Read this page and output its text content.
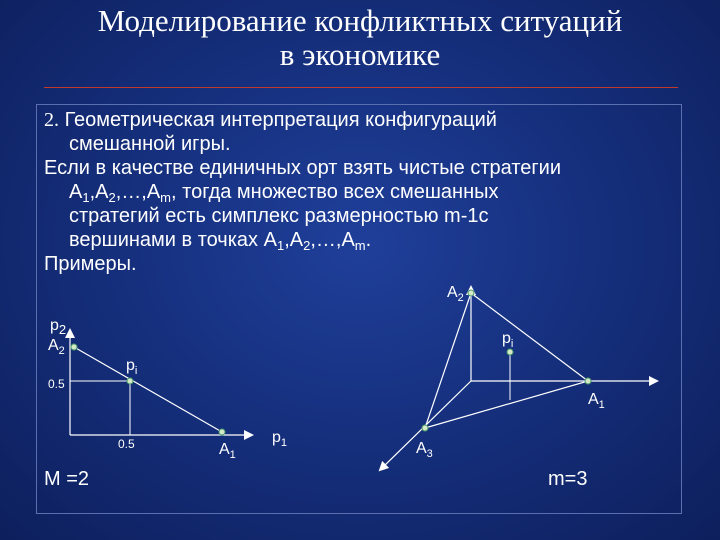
Моделирование конфликтных ситуаций
в экономике
2. Геометрическая интерпретация конфигураций
смешанной игры.
Если в качестве единичных орт взять чистые стратегии
$A_1,A_2,\dots,A_m$, тогда множество всех смешанных
стратегий есть симплекс размерностью m-1с
вершинами в точках $A_1,A_2,\dots,A_m$.
Примеры.
$p_2$
$A_2$
$p_i$
0.5
0.5	$A_1$
$p_1$
$A_2$
$p_i$
$A_1$
$A_3$
M =2	m=3
